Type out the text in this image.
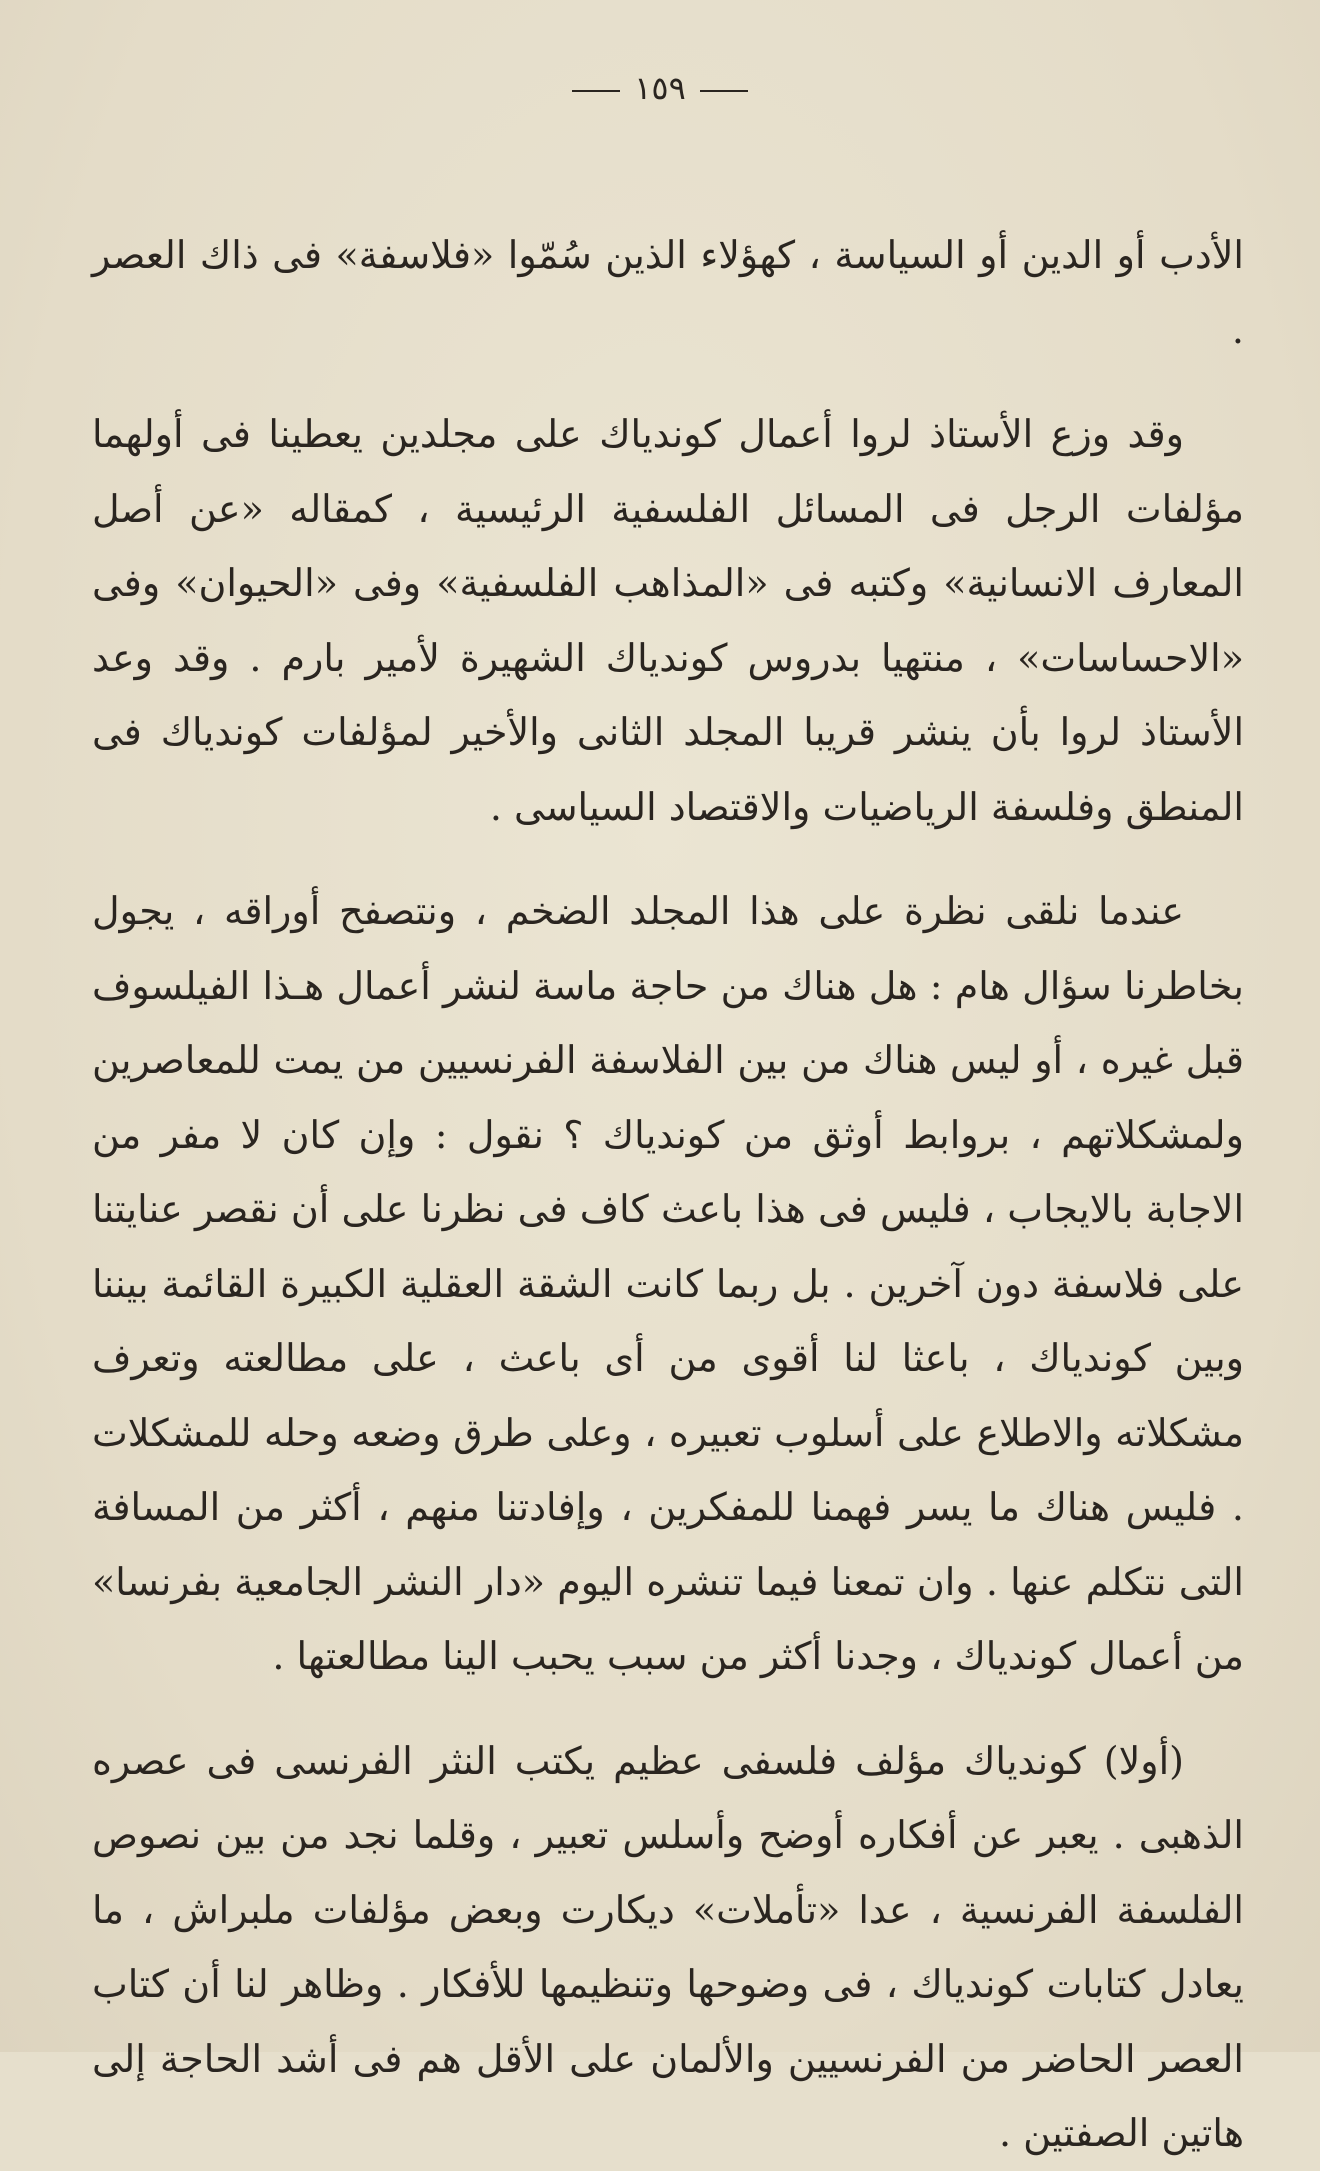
١٥٩

الأدب أو الدين أو السياسة ، كهؤلاء الذين سُمّوا «فلاسفة» فى ذاك العصر .

وقد وزع الأستاذ لروا أعمال كوندياك على مجلدين يعطينا فى أولهما مؤلفات الرجل فى المسائل الفلسفية الرئيسية ، كمقاله «عن أصل المعارف الانسانية» وكتبه فى «المذاهب الفلسفية» وفى «الحيوان» وفى «الاحساسات» ، منتهيا بدروس كوندياك الشهيرة لأمير بارم . وقد وعد الأستاذ لروا بأن ينشر قريبا المجلد الثانى والأخير لمؤلفات كوندياك فى المنطق وفلسفة الرياضيات والاقتصاد السياسى .

عندما نلقى نظرة على هذا المجلد الضخم ، ونتصفح أوراقه ، يجول بخاطرنا سؤال هام : هل هناك من حاجة ماسة لنشر أعمال هـذا الفيلسوف قبل غيره ، أو ليس هناك من بين الفلاسفة الفرنسيين من يمت للمعاصرين ولمشكلاتهم ، بروابط أوثق من كوندياك ؟ نقول : وإن كان لا مفر من الاجابة بالايجاب ، فليس فى هذا باعث كاف فى نظرنا على أن نقصر عنايتنا على فلاسفة دون آخرين . بل ربما كانت الشقة العقلية الكبيرة القائمة بيننا وبين كوندياك ، باعثا لنا أقوى من أى باعث ، على مطالعته وتعرف مشكلاته والاطلاع على أسلوب تعبيره ، وعلى طرق وضعه وحله للمشكلات . فليس هناك ما يسر فهمنا للمفكرين ، وإفادتنا منهم ، أكثر من المسافة التى نتكلم عنها . وان تمعنا فيما تنشره اليوم «دار النشر الجامعية بفرنسا» من أعمال كوندياك ، وجدنا أكثر من سبب يحبب الينا مطالعتها .

(أولا) كوندياك مؤلف فلسفى عظيم يكتب النثر الفرنسى فى عصره الذهبى . يعبر عن أفكاره أوضح وأسلس تعبير ، وقلما نجد من بين نصوص الفلسفة الفرنسية ، عدا «تأملات» ديكارت وبعض مؤلفات ملبراش ، ما يعادل كتابات كوندياك ، فى وضوحها وتنظيمها للأفكار . وظاهر لنا أن كتاب العصر الحاضر من الفرنسيين والألمان على الأقل هم فى أشد الحاجة إلى هاتين الصفتين .
